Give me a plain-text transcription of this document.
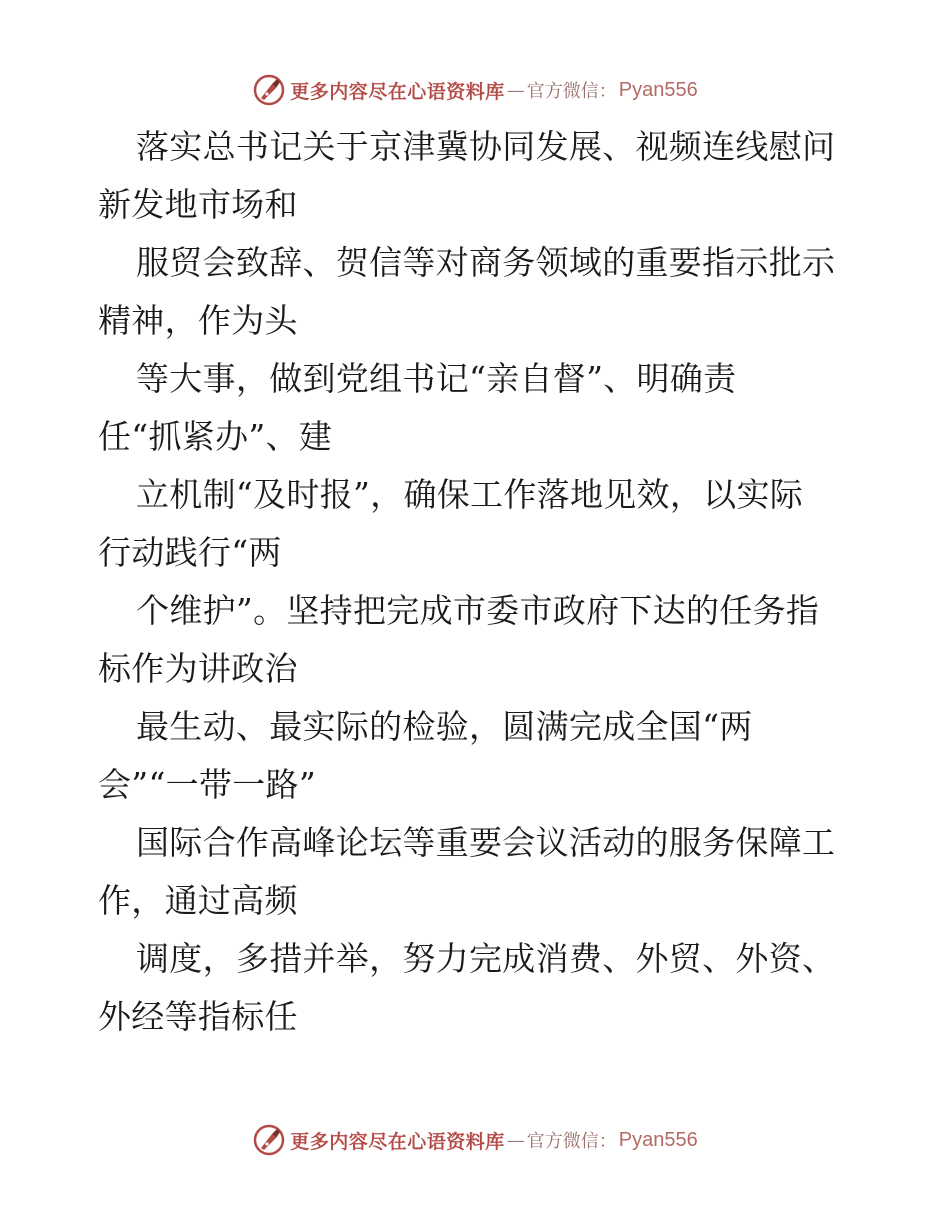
更多内容尽在心语资料库 — 官方微信： Pyan556
落实总书记关于京津冀协同发展、视频连线慰问
新发地市场和
服贸会致辞、贺信等对商务领域的重要指示批示
精神，作为头
等大事，做到党组书记“亲自督”、明确责
任“抓紧办”、建
立机制“及时报”，确保工作落地见效，以实际
行动践行“两
个维护”。坚持把完成市委市政府下达的任务指
标作为讲政治
最生动、最实际的检验，圆满完成全国“两
会”“一带一路”
国际合作高峰论坛等重要会议活动的服务保障工
作，通过高频
调度，多措并举，努力完成消费、外贸、外资、
外经等指标任
更多内容尽在心语资料库 — 官方微信： Pyan556
